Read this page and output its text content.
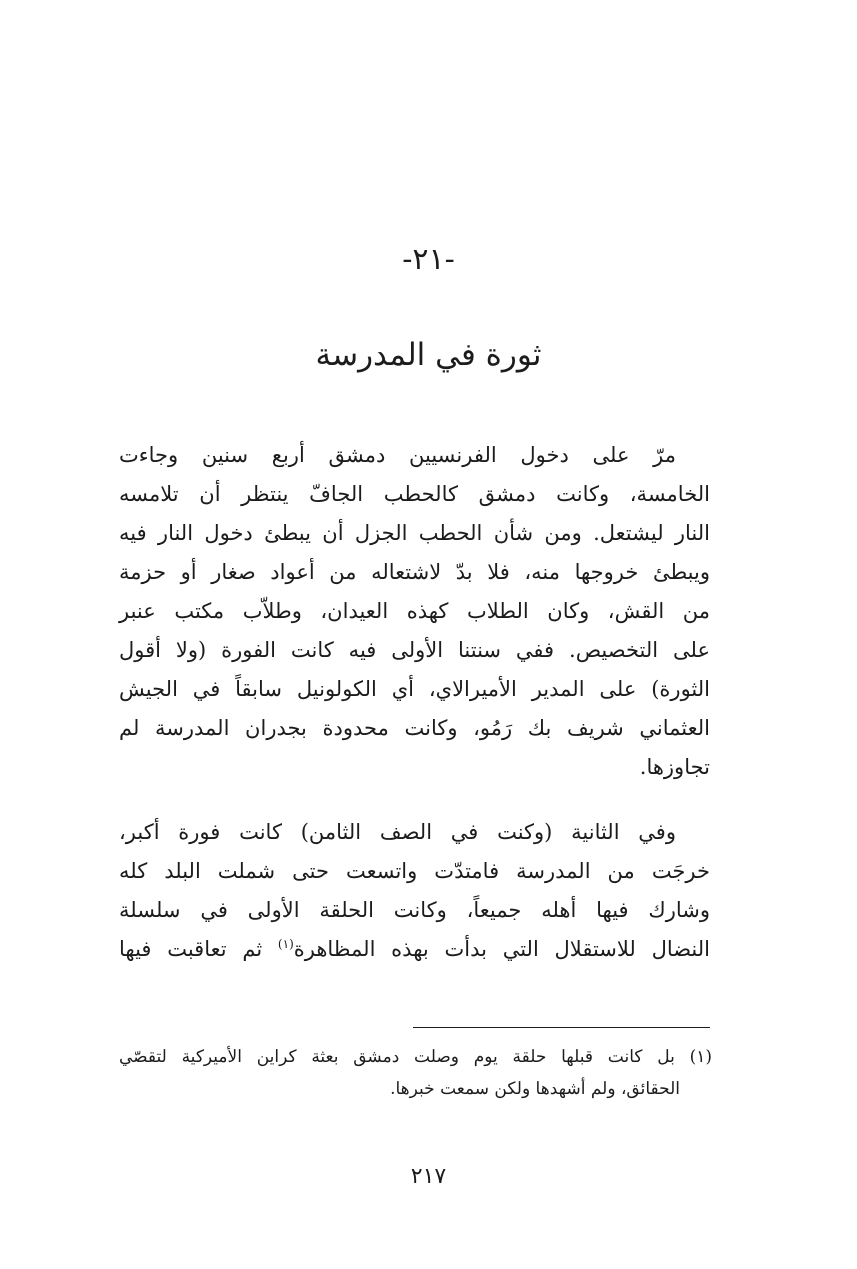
-٢١-
ثورة في المدرسة
مرّ على دخول الفرنسيين دمشق أربع سنين وجاءت
الخامسة، وكانت دمشق كالحطب الجافّ ينتظر أن تلامسه
النار ليشتعل. ومن شأن الحطب الجزل أن يبطئ دخول النار فيه
ويبطئ خروجها منه، فلا بدّ لاشتعاله من أعواد صغار أو حزمة
من القش، وكان الطلاب كهذه العيدان، وطلاّب مكتب عنبر
على التخصيص. ففي سنتنا الأولى فيه كانت الفورة (ولا أقول
الثورة) على المدير الأميرالاي، أي الكولونيل سابقاً في الجيش
العثماني شريف بك رَمُو، وكانت محدودة بجدران المدرسة لم
تجاوزها.
وفي الثانية (وكنت في الصف الثامن) كانت فورة أكبر،
خرجَت من المدرسة فامتدّت واتسعت حتى شملت البلد كله
وشارك فيها أهله جميعاً، وكانت الحلقة الأولى في سلسلة
النضال للاستقلال التي بدأت بهذه المظاهرة$^{(١)}$ ثم تعاقبت فيها
(١) بل كانت قبلها حلقة يوم وصلت دمشق بعثة كراين الأميركية لتقصّي
الحقائق، ولم أشهدها ولكن سمعت خبرها.
٢١٧
